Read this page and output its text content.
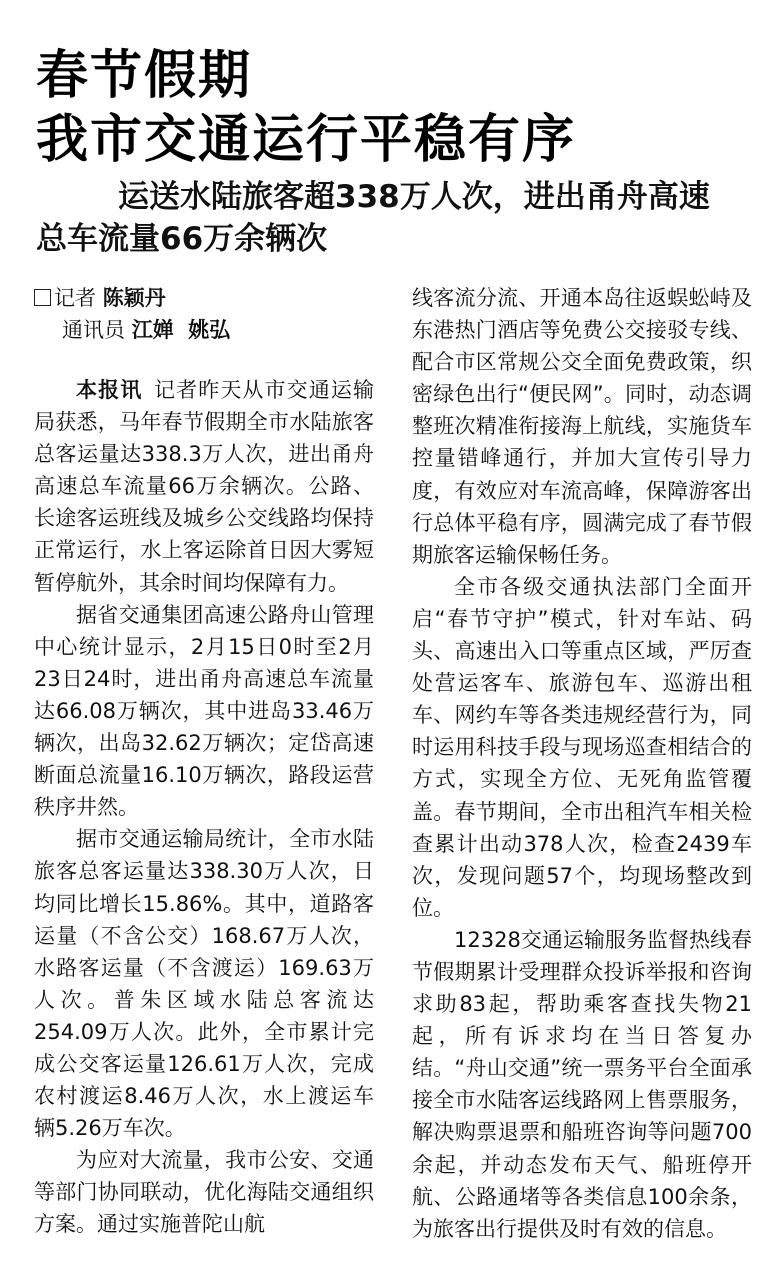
春节假期
我市交通运行平稳有序
运送水陆旅客超338万人次，进出甬舟高速
总车流量66万余辆次
记者 陈颖丹
通讯员 江婵  姚弘

本报讯  记者昨天从市交通运输局获悉，马年春节假期全市水陆旅客总客运量达338.3万人次，进出甬舟高速总车流量66万余辆次。公路、长途客运班线及城乡公交线路均保持正常运行，水上客运除首日因大雾短暂停航外，其余时间均保障有力。

据省交通集团高速公路舟山管理中心统计显示，2月15日0时至2月23日24时，进出甬舟高速总车流量达66.08万辆次，其中进岛33.46万辆次，出岛32.62万辆次；定岱高速断面总流量16.10万辆次，路段运营秩序井然。

据市交通运输局统计，全市水陆旅客总客运量达338.30万人次，日均同比增长15.86%。其中，道路客运量（不含公交）168.67万人次，水路客运量（不含渡运）169.63万人次。普朱区域水陆总客流达254.09万人次。此外，全市累计完成公交客运量126.61万人次，完成农村渡运8.46万人次，水上渡运车辆5.26万车次。

为应对大流量，我市公安、交通等部门协同联动，优化海陆交通组织方案。通过实施普陀山航

线客流分流、开通本岛往返蜈蚣峙及东港热门酒店等免费公交接驳专线、配合市区常规公交全面免费政策，织密绿色出行“便民网”。同时，动态调整班次精准衔接海上航线，实施货车控量错峰通行，并加大宣传引导力度，有效应对车流高峰，保障游客出行总体平稳有序，圆满完成了春节假期旅客运输保畅任务。

全市各级交通执法部门全面开启“春节守护”模式，针对车站、码头、高速出入口等重点区域，严厉查处营运客车、旅游包车、巡游出租车、网约车等各类违规经营行为，同时运用科技手段与现场巡查相结合的方式，实现全方位、无死角监管覆盖。春节期间，全市出租汽车相关检查累计出动378人次，检查2439车次，发现问题57个，均现场整改到位。

12328交通运输服务监督热线春节假期累计受理群众投诉举报和咨询求助83起，帮助乘客查找失物21起，所有诉求均在当日答复办结。“舟山交通”统一票务平台全面承接全市水陆客运线路网上售票服务，解决购票退票和船班咨询等问题700余起，并动态发布天气、船班停开航、公路通堵等各类信息100余条，为旅客出行提供及时有效的信息。
